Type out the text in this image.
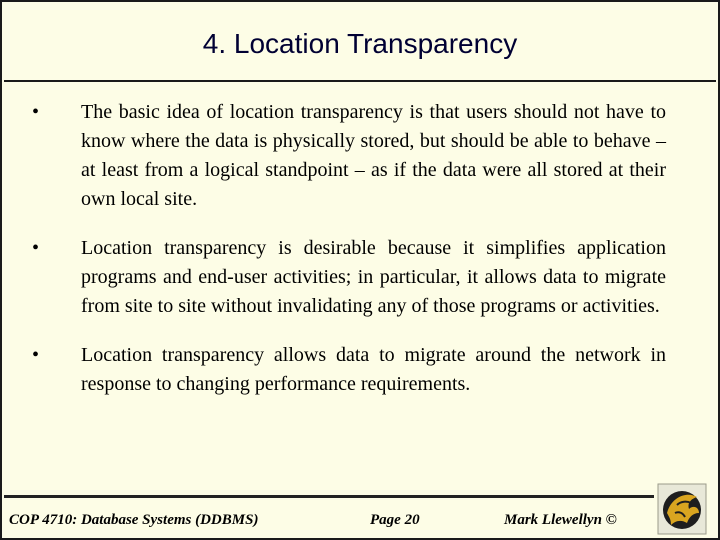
4. Location Transparency
• The basic idea of location transparency is that users should not have to know where the data is physically stored, but should be able to behave – at least from a logical standpoint – as if the data were all stored at their own local site.
• Location transparency is desirable because it simplifies application programs and end-user activities; in particular, it allows data to migrate from site to site without invalidating any of those programs or activities.
• Location transparency allows data to migrate around the network in response to changing performance requirements.
COP 4710: Database Systems (DDBMS)	Page 20	Mark Llewellyn ©
